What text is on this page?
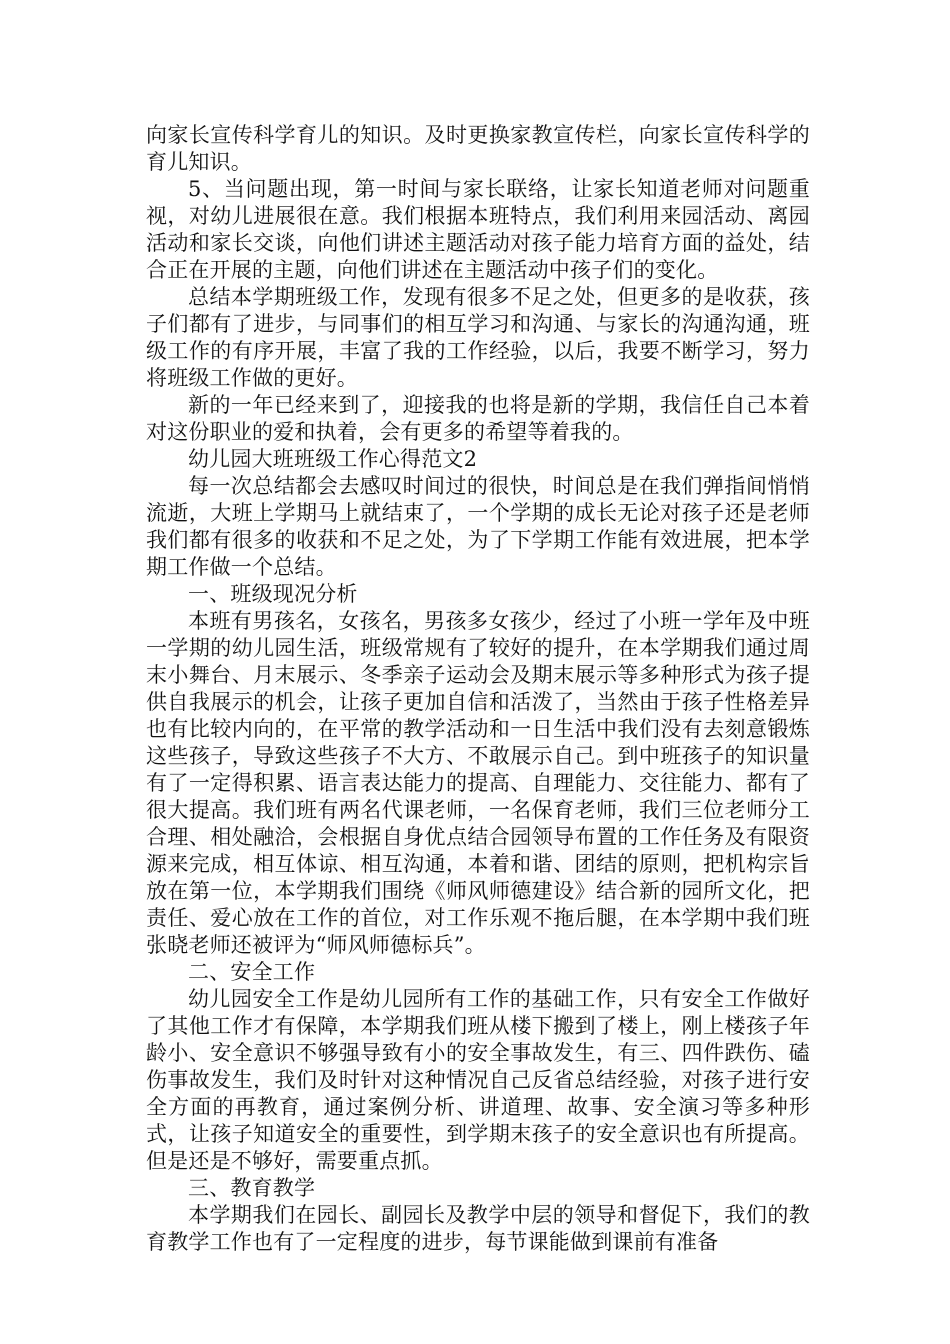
向家长宣传科学育儿的知识。及时更换家教宣传栏，向家长宣传科学的育儿知识。

5、当问题出现，第一时间与家长联络，让家长知道老师对问题重视，对幼儿进展很在意。我们根据本班特点，我们利用来园活动、离园活动和家长交谈，向他们讲述主题活动对孩子能力培育方面的益处，结合正在开展的主题，向他们讲述在主题活动中孩子们的变化。

总结本学期班级工作，发现有很多不足之处，但更多的是收获，孩子们都有了进步，与同事们的相互学习和沟通、与家长的沟通沟通，班级工作的有序开展，丰富了我的工作经验，以后，我要不断学习，努力将班级工作做的更好。

新的一年已经来到了，迎接我的也将是新的学期，我信任自己本着对这份职业的爱和执着，会有更多的希望等着我的。

幼儿园大班班级工作心得范文2

每一次总结都会去感叹时间过的很快，时间总是在我们弹指间悄悄流逝，大班上学期马上就结束了，一个学期的成长无论对孩子还是老师我们都有很多的收获和不足之处，为了下学期工作能有效进展，把本学期工作做一个总结。

一、班级现况分析

本班有男孩名，女孩名，男孩多女孩少，经过了小班一学年及中班一学期的幼儿园生活，班级常规有了较好的提升，在本学期我们通过周末小舞台、月末展示、冬季亲子运动会及期末展示等多种形式为孩子提供自我展示的机会，让孩子更加自信和活泼了，当然由于孩子性格差异也有比较内向的，在平常的教学活动和一日生活中我们没有去刻意锻炼这些孩子，导致这些孩子不大方、不敢展示自己。到中班孩子的知识量有了一定得积累、语言表达能力的提高、自理能力、交往能力、都有了很大提高。我们班有两名代课老师，一名保育老师，我们三位老师分工合理、相处融洽，会根据自身优点结合园领导布置的工作任务及有限资源来完成，相互体谅、相互沟通，本着和谐、团结的原则，把机构宗旨放在第一位，本学期我们围绕《师风师德建设》结合新的园所文化，把责任、爱心放在工作的首位，对工作乐观不拖后腿，在本学期中我们班张晓老师还被评为“师风师德标兵”。

二、安全工作

幼儿园安全工作是幼儿园所有工作的基础工作，只有安全工作做好了其他工作才有保障，本学期我们班从楼下搬到了楼上，刚上楼孩子年龄小、安全意识不够强导致有小的安全事故发生，有三、四件跌伤、磕伤事故发生，我们及时针对这种情况自己反省总结经验，对孩子进行安全方面的再教育，通过案例分析、讲道理、故事、安全演习等多种形式，让孩子知道安全的重要性，到学期末孩子的安全意识也有所提高。但是还是不够好，需要重点抓。

三、教育教学

本学期我们在园长、副园长及教学中层的领导和督促下，我们的教育教学工作也有了一定程度的进步，每节课能做到课前有准备
